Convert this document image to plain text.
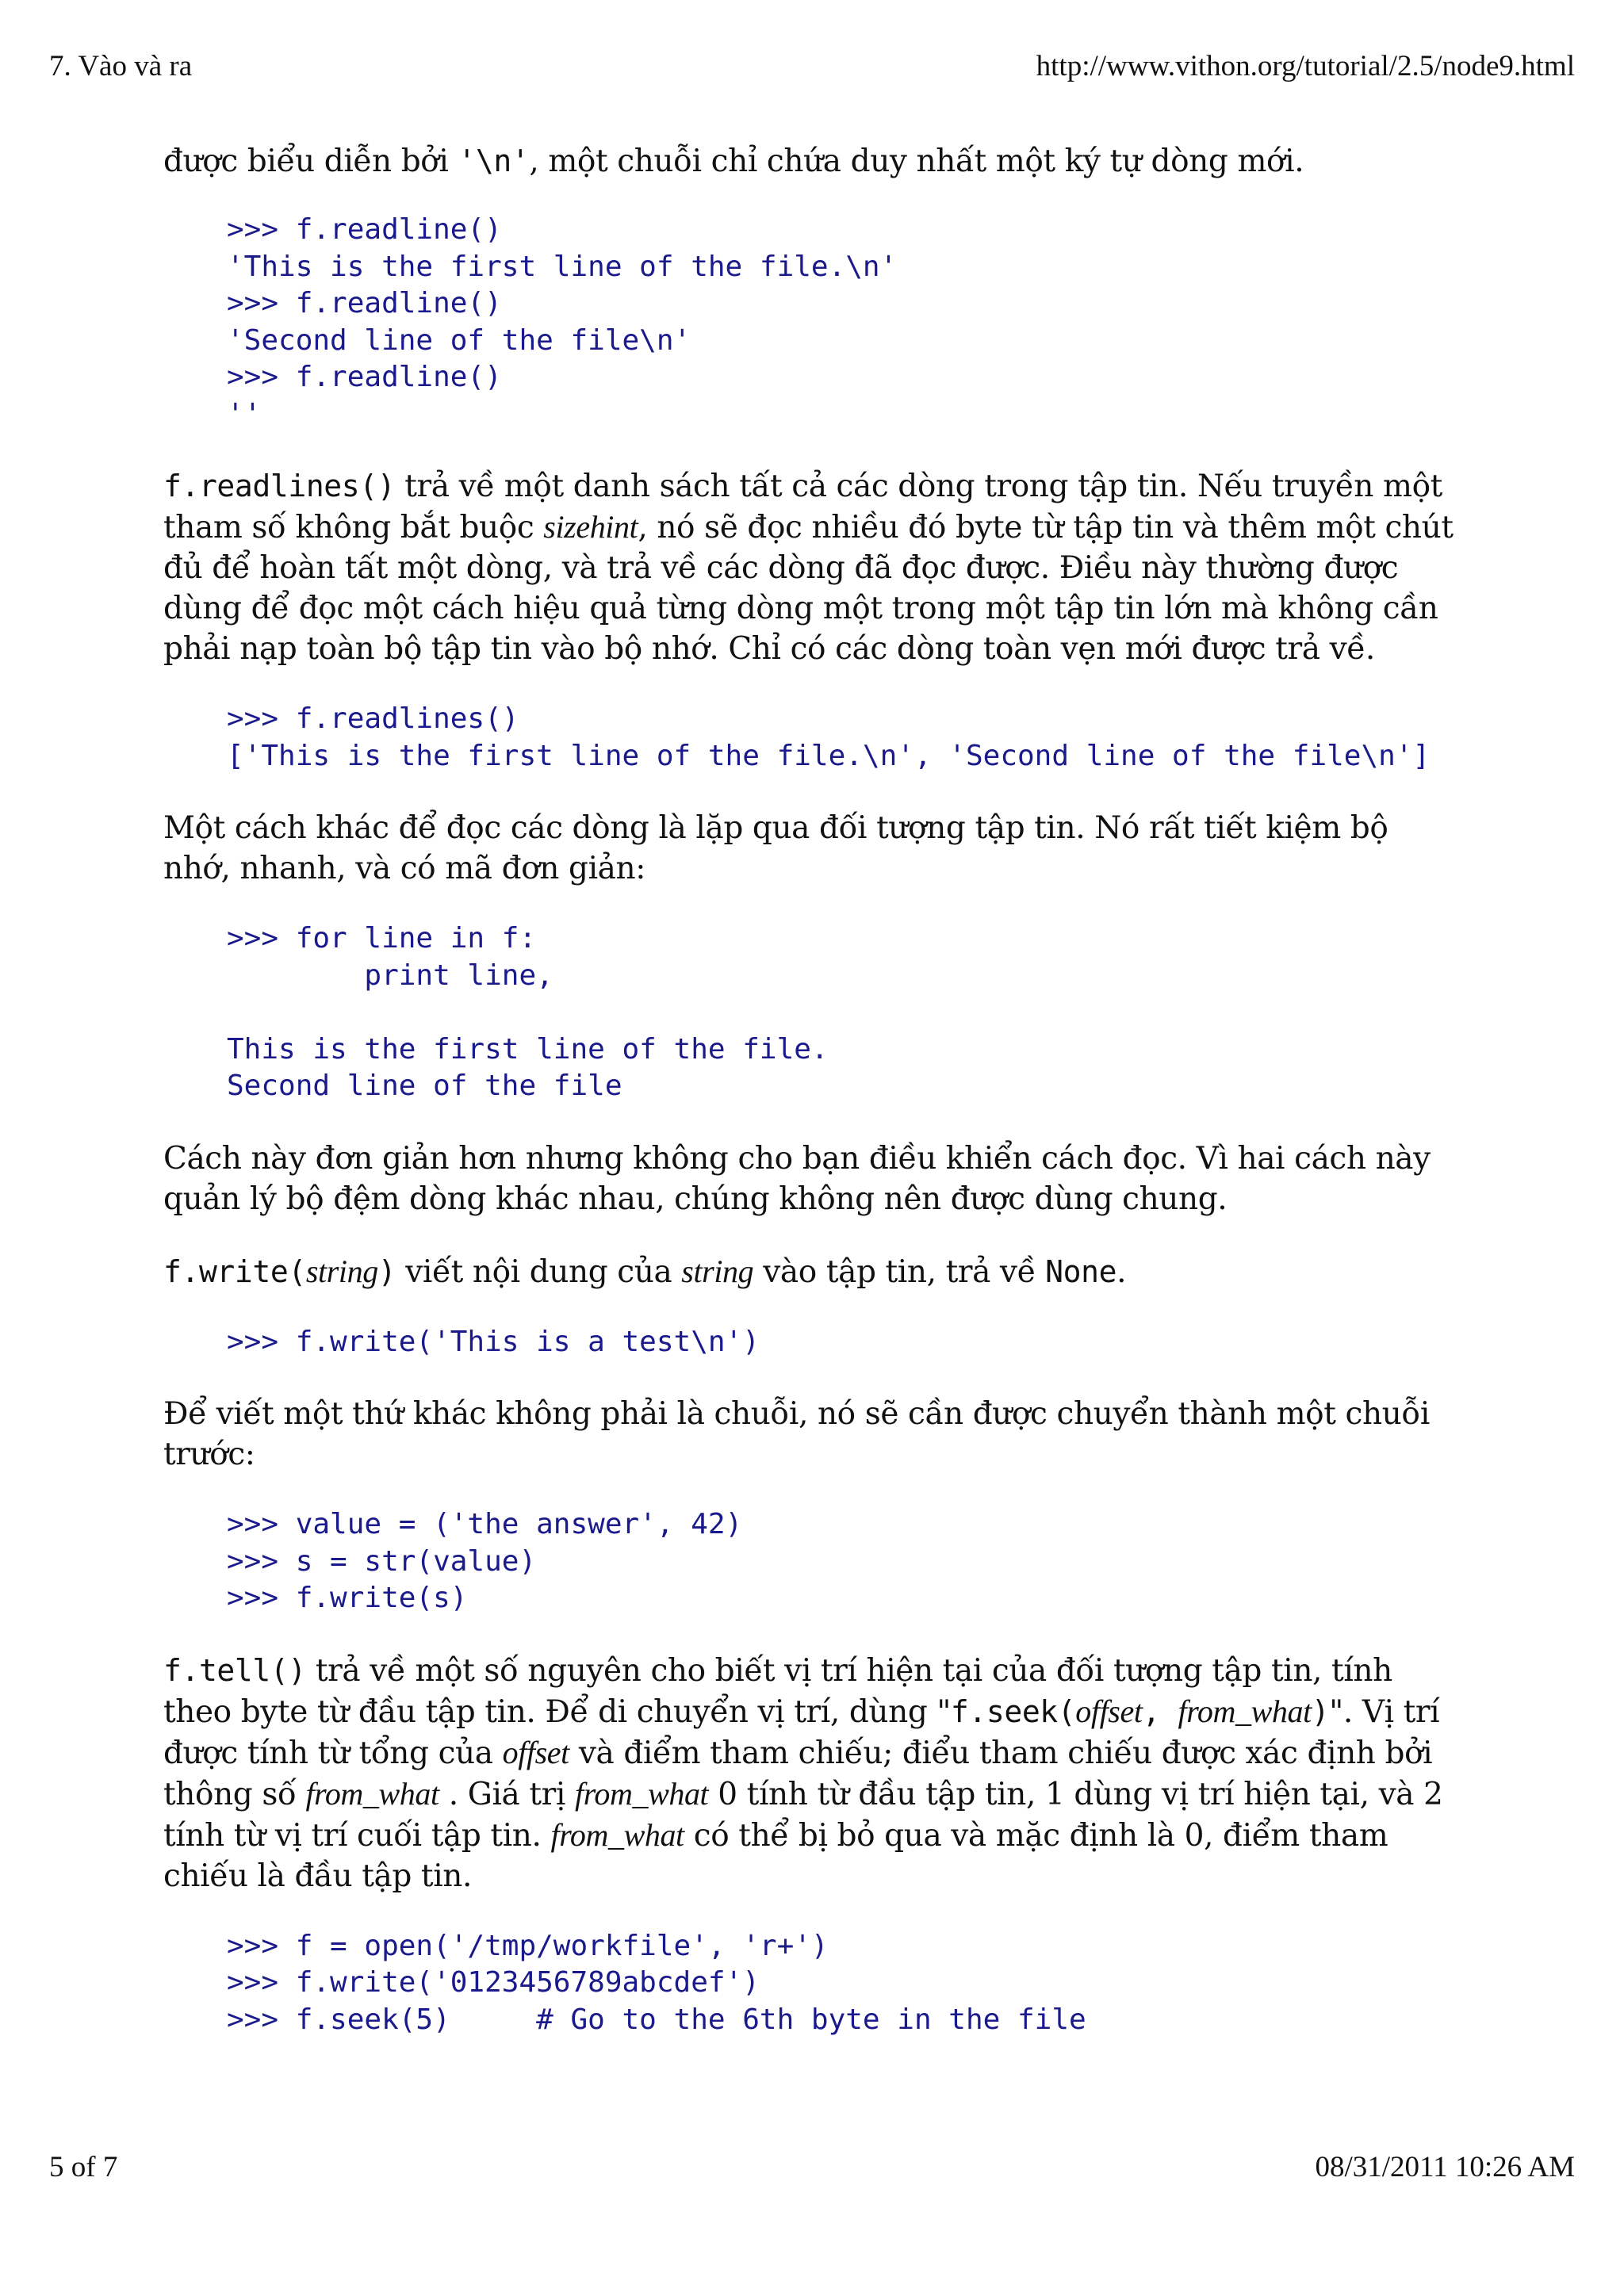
7. Vào và ra	http://www.vithon.org/tutorial/2.5/node9.html

được biểu diễn bởi '\n', một chuỗi chỉ chứa duy nhất một ký tự dòng mới.

>>> f.readline()
'This is the first line of the file.\n'
>>> f.readline()
'Second line of the file\n'
>>> f.readline()
''

f.readlines() trả về một danh sách tất cả các dòng trong tập tin. Nếu truyền một tham số không bắt buộc sizehint, nó sẽ đọc nhiều đó byte từ tập tin và thêm một chút đủ để hoàn tất một dòng, và trả về các dòng đã đọc được. Điều này thường được dùng để đọc một cách hiệu quả từng dòng một trong một tập tin lớn mà không cần phải nạp toàn bộ tập tin vào bộ nhớ. Chỉ có các dòng toàn vẹn mới được trả về.

>>> f.readlines()
['This is the first line of the file.\n', 'Second line of the file\n']

Một cách khác để đọc các dòng là lặp qua đối tượng tập tin. Nó rất tiết kiệm bộ nhớ, nhanh, và có mã đơn giản:

>>> for line in f:
print line,
This is the first line of the file.
Second line of the file

Cách này đơn giản hơn nhưng không cho bạn điều khiển cách đọc. Vì hai cách này quản lý bộ đệm dòng khác nhau, chúng không nên được dùng chung.

f.write(string) viết nội dung của string vào tập tin, trả về None.

>>> f.write('This is a test\n')

Để viết một thứ khác không phải là chuỗi, nó sẽ cần được chuyển thành một chuỗi trước:

>>> value = ('the answer', 42)
>>> s = str(value)
>>> f.write(s)

f.tell() trả về một số nguyên cho biết vị trí hiện tại của đối tượng tập tin, tính theo byte từ đầu tập tin. Để di chuyển vị trí, dùng "f.seek(offset, from_what)". Vị trí được tính từ tổng của offset và điểm tham chiếu; điểu tham chiếu được xác định bởi thông số from_what . Giá trị from_what 0 tính từ đầu tập tin, 1 dùng vị trí hiện tại, và 2 tính từ vị trí cuối tập tin. from_what có thể bị bỏ qua và mặc định là 0, điểm tham chiếu là đầu tập tin.

>>> f = open('/tmp/workfile', 'r+')
>>> f.write('0123456789abcdef')
>>> f.seek(5)     # Go to the 6th byte in the file
5 of 7	08/31/2011 10:26 AM
